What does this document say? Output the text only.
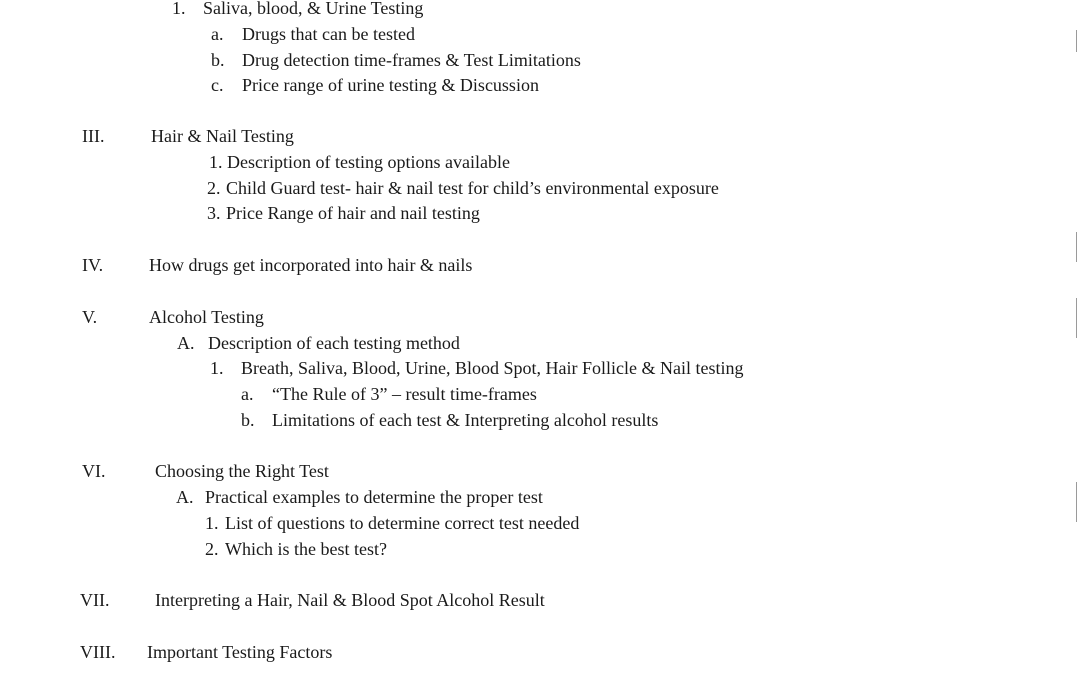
1. Saliva, blood, & Urine Testing
a. Drugs that can be tested
b. Drug detection time-frames & Test Limitations
c. Price range of urine testing & Discussion
III.	Hair & Nail Testing
1. Description of testing options available
2. Child Guard test- hair & nail test for child’s environmental exposure
3. Price Range of hair and nail testing
IV.	How drugs get incorporated into hair & nails
V.	Alcohol Testing
A. Description of each testing method
1. Breath, Saliva, Blood, Urine, Blood Spot, Hair Follicle & Nail testing
a. “The Rule of 3” – result time-frames
b. Limitations of each test & Interpreting alcohol results
VI.	Choosing the Right Test
A. Practical examples to determine the proper test
1. List of questions to determine correct test needed
2. Which is the best test?
VII.	Interpreting a Hair, Nail & Blood Spot Alcohol Result
VIII. Important Testing Factors
